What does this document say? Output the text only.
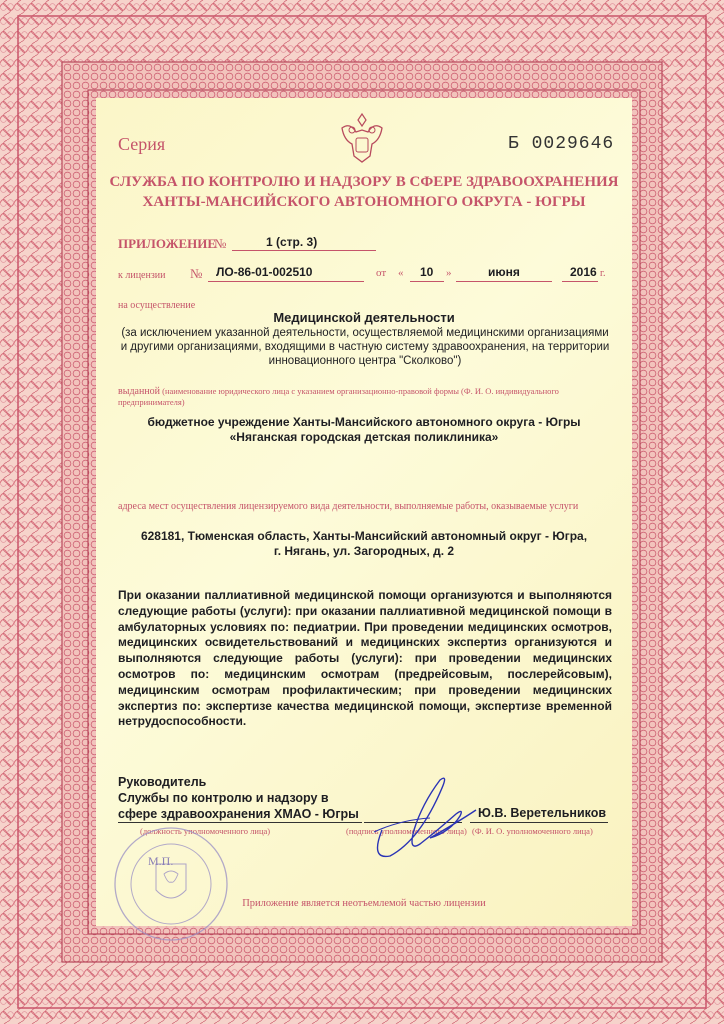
Серия	Б 0029646
СЛУЖБА ПО КОНТРОЛЮ И НАДЗОРУ В СФЕРЕ ЗДРАВООХРАНЕНИЯ
ХАНТЫ-МАНСИЙСКОГО АВТОНОМНОГО ОКРУГА - ЮГРЫ
ПРИЛОЖЕНИЕ
№	1 (стр. 3)
к лицензии № ЛО-86-01-002510	от « 10 »	июня	2016 г.
на осуществление
Медицинской деятельности
(за исключением указанной деятельности, осуществляемой медицинскими организациями и другими организациями, входящими в частную систему здравоохранения, на территории инновационного центра "Сколково")
выданной (наименование юридического лица с указанием организационно-правовой формы (Ф. И. О. индивидуального предпринимателя)
бюджетное учреждение Ханты-Мансийского автономного округа - Югры
«Няганская городская детская поликлиника»
адреса мест осуществления лицензируемого вида деятельности, выполняемые работы, оказываемые услуги
628181, Тюменская область, Ханты-Мансийский автономный округ - Югра,
г. Нягань, ул. Загородных, д. 2
При оказании паллиативной медицинской помощи организуются и выполняются следующие работы (услуги): при оказании паллиативной медицинской помощи в амбулаторных условиях по: педиатрии. При проведении медицинских осмотров, медицинских освидетельствований и медицинских экспертиз организуются и выполняются следующие работы (услуги): при проведении медицинских осмотров по: медицинским осмотрам (предрейсовым, послерейсовым), медицинским осмотрам профилактическим; при проведении медицинских экспертиз по: экспертизе качества медицинской помощи, экспертизе временной нетрудоспособности.
Руководитель
Службы по контролю и надзору в
сфере здравоохранения ХМАО - Югры	Ю.В. Веретельников
(должность уполномоченного лица)	(подпись уполномоченного лица) (Ф. И. О. уполномоченного лица)
М.П.
Приложение является неотъемлемой частью лицензии
